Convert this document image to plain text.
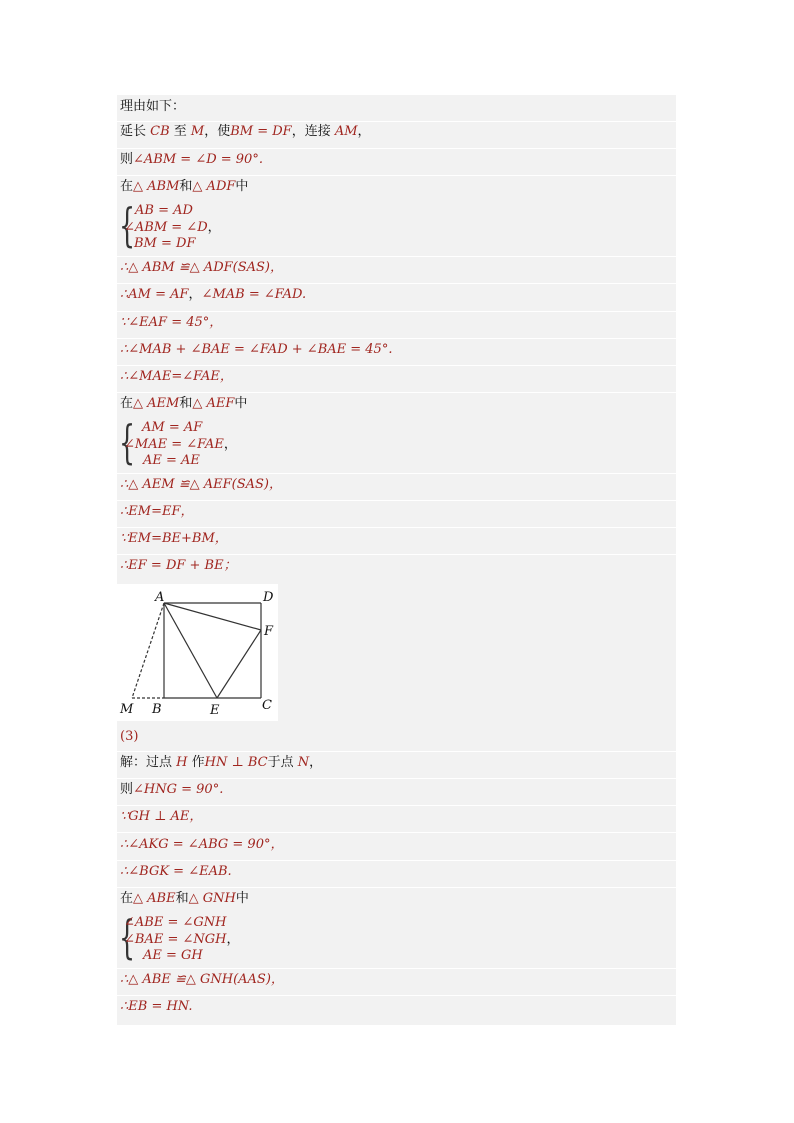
理由如下：
延长 CB 至 M，使BM = DF，连接 AM，
则∠ABM = ∠D = 90°.
在△ ABM和△ ADF中
{ AB = AD
∠ABM = ∠D，
BM = DF
∴△ ABM ≌△ ADF(SAS)，
∴AM = AF，∠MAB = ∠FAD.
∵∠EAF = 45°，
∴∠MAB + ∠BAE = ∠FAD + ∠BAE = 45°.
∴∠MAE=∠FAE，
在△ AEM和△ AEF中
{ AM = AF
∠MAE = ∠FAE，
AE = AE
∴△ AEM ≌△ AEF(SAS)，
∴EM=EF，
∵EM=BE+BM，
∴EF = DF + BE；
(3)
解：过点 H 作HN ⊥ BC于点 N，
则∠HNG = 90°.
∵GH ⊥ AE，
∴∠AKG = ∠ABG = 90°，
∴∠BGK = ∠EAB.
在△ ABE和△ GNH中
{
∠ABE = ∠GNH
∠BAE = ∠NGH，
AE = GH
∴△ ABE ≌△ GNH(AAS)，
∴EB = HN.
A	D
F
M B	E	C
